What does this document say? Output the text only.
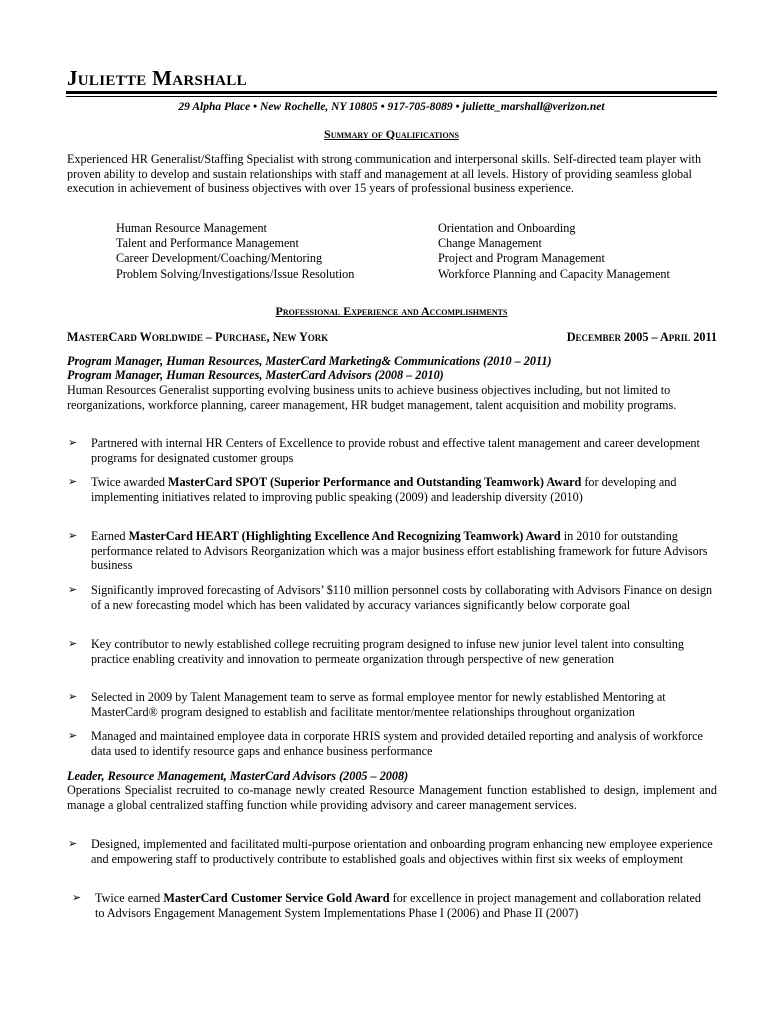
Juliette Marshall
29 Alpha Place • New Rochelle, NY 10805 • 917-705-8089 • juliette_marshall@verizon.net
Summary of Qualifications
Experienced HR Generalist/Staffing Specialist with strong communication and interpersonal skills. Self-directed team player with proven ability to develop and sustain relationships with staff and management at all levels. History of providing seamless global execution in achievement of business objectives with over 15 years of professional business experience.
Human Resource Management
Talent and Performance Management
Career Development/Coaching/Mentoring
Problem Solving/Investigations/Issue Resolution
Orientation and Onboarding
Change Management
Project and Program Management
Workforce Planning and Capacity Management
Professional Experience and Accomplishments
MasterCard Worldwide – Purchase, New York	December 2005 – April 2011
Program Manager, Human Resources, MasterCard Marketing& Communications (2010 – 2011)
Program Manager, Human Resources, MasterCard Advisors (2008 – 2010)
Human Resources Generalist supporting evolving business units to achieve business objectives including, but not limited to reorganizations, workforce planning, career management, HR budget management, talent acquisition and mobility programs.
➢ Partnered with internal HR Centers of Excellence to provide robust and effective talent management and career development programs for designated customer groups
➢ Twice awarded MasterCard SPOT (Superior Performance and Outstanding Teamwork) Award for developing and implementing initiatives related to improving public speaking (2009) and leadership diversity (2010)
➢ Earned MasterCard HEART (Highlighting Excellence And Recognizing Teamwork) Award in 2010 for outstanding performance related to Advisors Reorganization which was a major business effort establishing framework for future Advisors business
➢ Significantly improved forecasting of Advisors’ $110 million personnel costs by collaborating with Advisors Finance on design of a new forecasting model which has been validated by accuracy variances significantly below corporate goal
➢ Key contributor to newly established college recruiting program designed to infuse new junior level talent into consulting practice enabling creativity and innovation to permeate organization through perspective of new generation
➢ Selected in 2009 by Talent Management team to serve as formal employee mentor for newly established Mentoring at MasterCard® program designed to establish and facilitate mentor/mentee relationships throughout organization
➢ Managed and maintained employee data in corporate HRIS system and provided detailed reporting and analysis of workforce data used to identify resource gaps and enhance business performance
Leader, Resource Management, MasterCard Advisors (2005 – 2008)
Operations Specialist recruited to co-manage newly created Resource Management function established to design, implement and manage a global centralized staffing function while providing advisory and career management services.
➢ Designed, implemented and facilitated multi-purpose orientation and onboarding program enhancing new employee experience and empowering staff to productively contribute to established goals and objectives within first six weeks of employment
➢ Twice earned MasterCard Customer Service Gold Award for excellence in project management and collaboration related to Advisors Engagement Management System Implementations Phase I (2006) and Phase II (2007)
